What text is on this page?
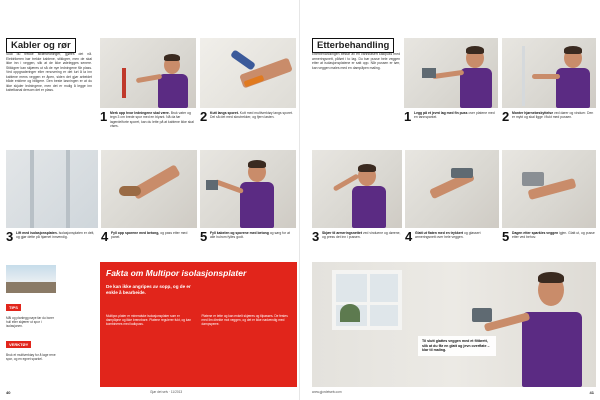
Kabler og rør
Skal du trekke strømledninger, gjøres det nå. Elektrikeren bør trekke kablene, stikkgrer, men de skal ikke inn i veggen, slik at de ikke ødelegges senere. Stikkgrer kan skjæres ut så de nye ledningene får plass. Ved oppgraderinger eller renovering er det lurt å la inn kablene mens veggen er åpen, siden det gjør arbeidet både enklere og billigere. Den beste løsningen er at du ikke skjuler ledningene, men det er mulig å legge inn kabelkanal dersom det er plass.
1 Merk opp hvor ledningene skal være. Bruk vater og tegn 3 cm brede spor med en blyant. Nå da før lagerdelforte sporet, kan du lette på at kablene ikke skal vises.
2 Kutt langs sporet. Kutt med multiverktøy langs sporet. Del så det med skrutrekker, og fjern lasten.
3 Lift med isolasjonsplaten. Isolasjonsplaten er delt, og gjør dette på hjørnet innvendig.	4 Fyll opp sporene med betong, og pass etter med panel.	5 Fyll kabelen og sporene med betong og sørg for at alle hulrom fylles godt.
TIPS
Mål og planlegg nøye før du borer hull eller skjærer ut spor i isolasjonen.
VERKTØY
Bruk et multiverktøy for å lage rene spor, og en egnet sparkel.
Fakta om Multipor isolasjonsplater
De kan ikke angripes av sopp, og de er enkle å bearbeide.
Multipor-plater er mineralske isolasjonsplater som er dampåpne og ikke brennbare. Platene regulerer fukt, og kan kombineres med kalkpuss.
Platene er lette og kan enkelt skjæres og tilpasses. De festes med lim direkte mot veggen, og det er ikke nødvendig med dampsperre.
40	Gjør det selv · 11/2013
Etterbehandling
Etterbehandlingen består av en vannbasert kalkpuss med armeringsnett, påført i to lag. Du bør pusse hele veggen etter at isolasjonsplatene er satt opp. Når pussen er tørr, kan veggen males med en dampåpen maling.
1 Legg på et jevnt lag med fin puss over platene med en tannsparkel.	2 Monter hjørnebeskyttelse ved dører og vinduer. Den er mykt og skal ligge i flukt med pussen.
3 Skjær til armeringsnettet ved vinduene og dørene, og press det inn i pussen.	4 Glatt ut flaten med en trykkert og glassert armeringsnett over hele veggen.	5 Dagen etter sparkles veggen igjen. Glatt ut, og pusse etter ved behov.
Til slutt glattes veggen med et filtbrett, slik at du får en glatt og jevn overflate – klar til maling.
www.gjordetselv.com	41
